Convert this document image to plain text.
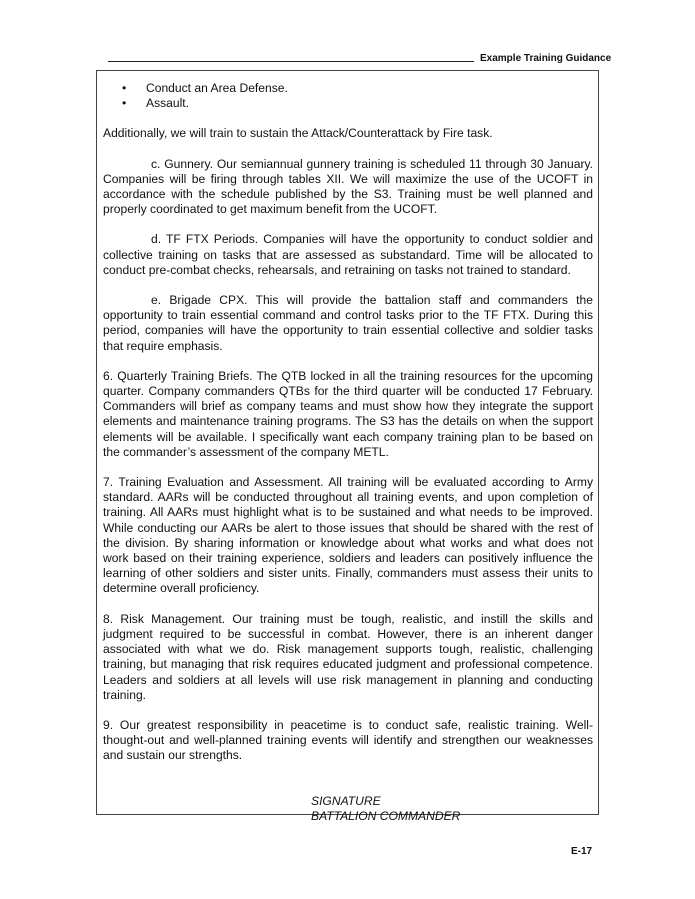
Example Training Guidance
• Conduct an Area Defense.
• Assault.

Additionally, we will train to sustain the Attack/Counterattack by Fire task.

c. Gunnery. Our semiannual gunnery training is scheduled 11 through 30 January. Companies will be firing through tables XII. We will maximize the use of the UCOFT in accordance with the schedule published by the S3. Training must be well planned and properly coordinated to get maximum benefit from the UCOFT.

d. TF FTX Periods. Companies will have the opportunity to conduct soldier and collective training on tasks that are assessed as substandard. Time will be allocated to conduct pre-combat checks, rehearsals, and retraining on tasks not trained to standard.

e. Brigade CPX. This will provide the battalion staff and commanders the opportunity to train essential command and control tasks prior to the TF FTX. During this period, companies will have the opportunity to train essential collective and soldier tasks that require emphasis.

6. Quarterly Training Briefs. The QTB locked in all the training resources for the upcoming quarter. Company commanders QTBs for the third quarter will be conducted 17 February. Commanders will brief as company teams and must show how they integrate the support elements and maintenance training programs. The S3 has the details on when the support elements will be available. I specifically want each company training plan to be based on the commander’s assessment of the company METL.

7. Training Evaluation and Assessment. All training will be evaluated according to Army standard. AARs will be conducted throughout all training events, and upon completion of training. All AARs must highlight what is to be sustained and what needs to be improved. While conducting our AARs be alert to those issues that should be shared with the rest of the division. By sharing information or knowledge about what works and what does not work based on their training experience, soldiers and leaders can positively influence the learning of other soldiers and sister units. Finally, commanders must assess their units to determine overall proficiency.

8. Risk Management. Our training must be tough, realistic, and instill the skills and judgment required to be successful in combat. However, there is an inherent danger associated with what we do. Risk management supports tough, realistic, challenging training, but managing that risk requires educated judgment and professional competence. Leaders and soldiers at all levels will use risk management in planning and conducting training.

9. Our greatest responsibility in peacetime is to conduct safe, realistic training. Well-thought-out and well-planned training events will identify and strengthen our weaknesses and sustain our strengths.

SIGNATURE
BATTALION COMMANDER
E-17
